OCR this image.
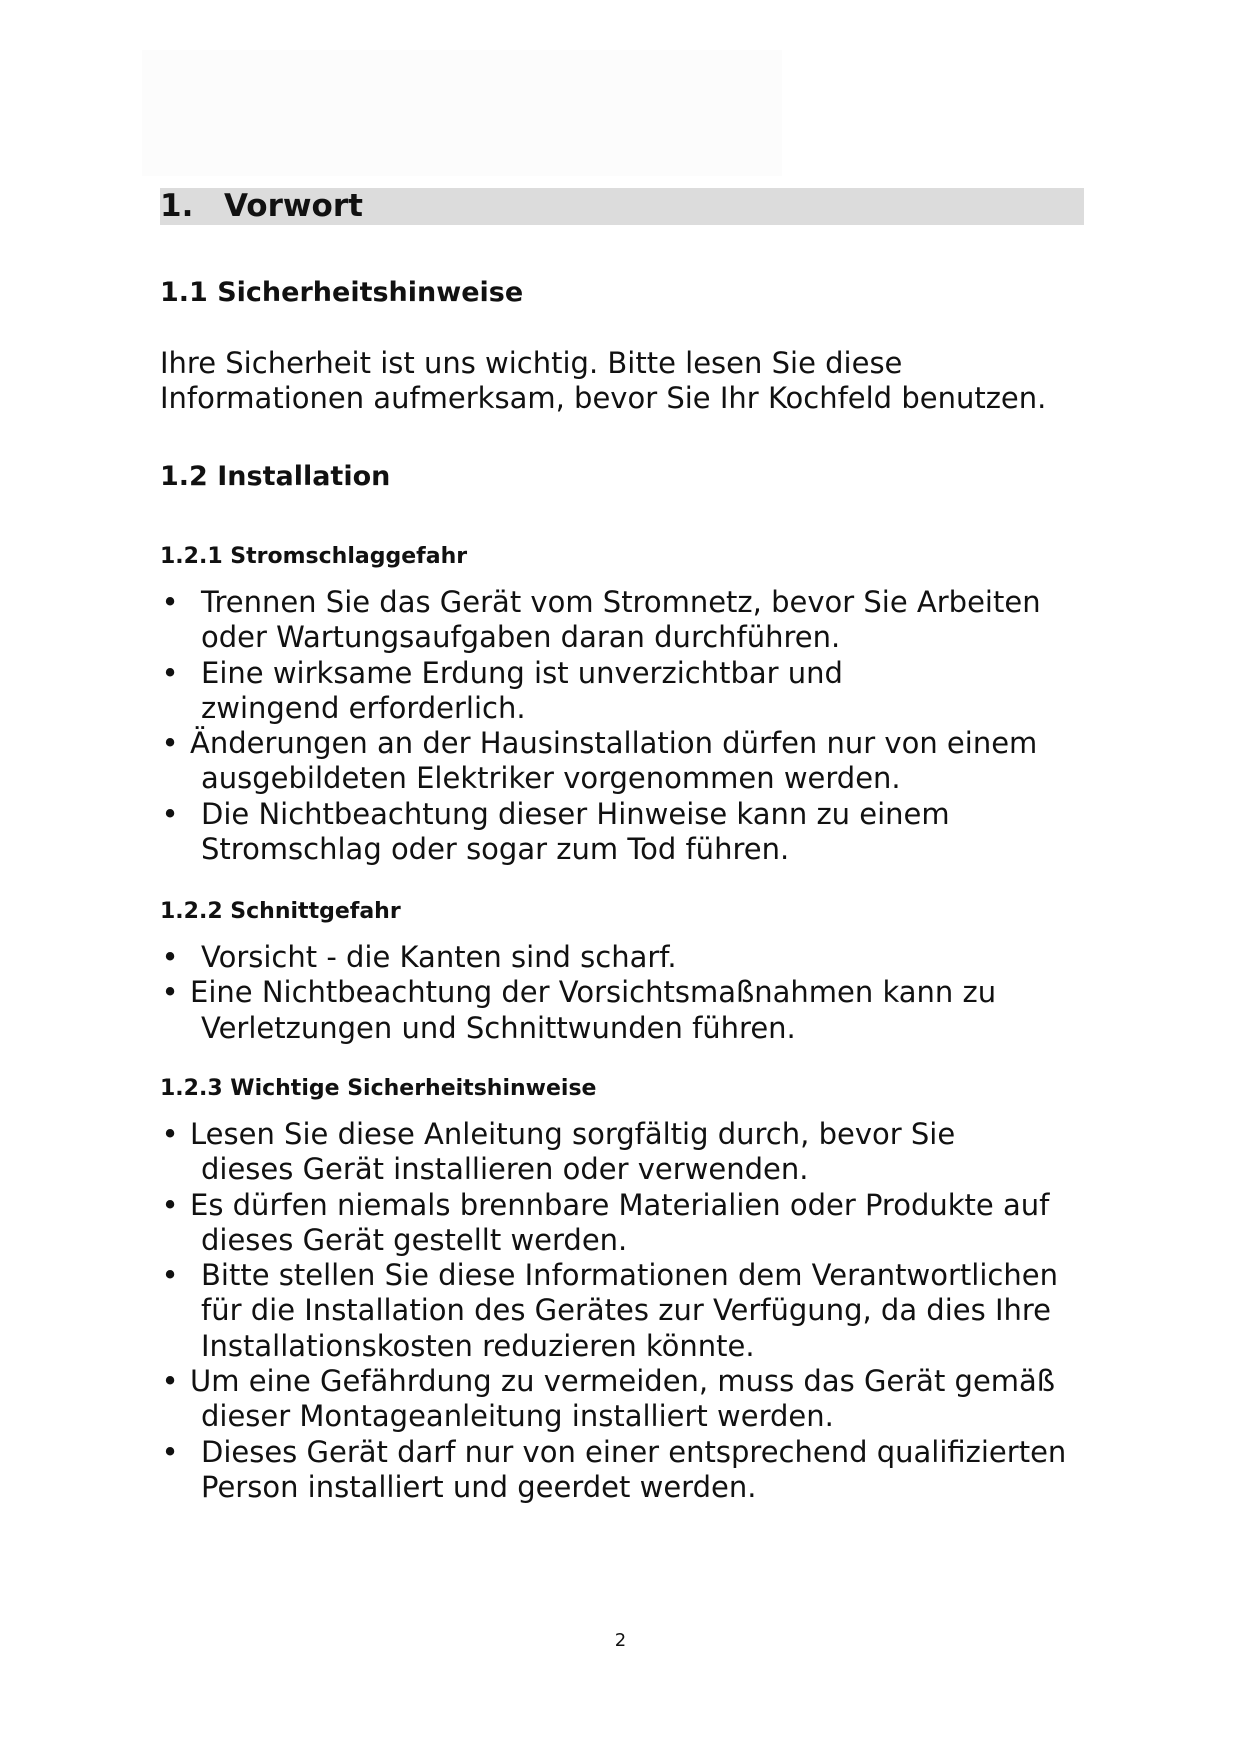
1. Vorwort
1.1 Sicherheitshinweise

Ihre Sicherheit ist uns wichtig. Bitte lesen Sie diese
Informationen aufmerksam, bevor Sie Ihr Kochfeld benutzen.

1.2 Installation
1.2.1 Stromschlaggefahr
• Trennen Sie das Gerät vom Stromnetz, bevor Sie Arbeiten
oder Wartungsaufgaben daran durchführen.
• Eine wirksame Erdung ist unverzichtbar und
zwingend erforderlich.
• Änderungen an der Hausinstallation dürfen nur von einem
ausgebildeten Elektriker vorgenommen werden.
• Die Nichtbeachtung dieser Hinweise kann zu einem
Stromschlag oder sogar zum Tod führen.
1.2.2 Schnittgefahr
• Vorsicht - die Kanten sind scharf.
• Eine Nichtbeachtung der Vorsichtsmaßnahmen kann zu
Verletzungen und Schnittwunden führen.
1.2.3 Wichtige Sicherheitshinweise
• Lesen Sie diese Anleitung sorgfältig durch, bevor Sie
dieses Gerät installieren oder verwenden.
• Es dürfen niemals brennbare Materialien oder Produkte auf
dieses Gerät gestellt werden.
• Bitte stellen Sie diese Informationen dem Verantwortlichen
für die Installation des Gerätes zur Verfügung, da dies Ihre
Installationskosten reduzieren könnte.
• Um eine Gefährdung zu vermeiden, muss das Gerät gemäß
dieser Montageanleitung installiert werden.
• Dieses Gerät darf nur von einer entsprechend qualifizierten
Person installiert und geerdet werden.
2
